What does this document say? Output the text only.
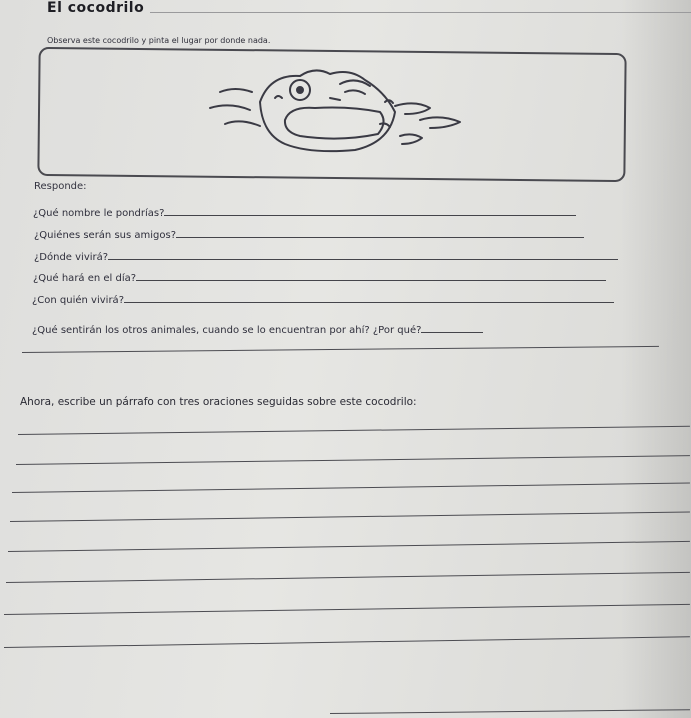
El cocodrilo
Observa este cocodrilo y pinta el lugar por donde nada.
Responde:
¿Qué nombre le pondrías?
¿Quiénes serán sus amigos?
¿Dónde vivirá?
¿Qué hará en el día?
¿Con quién vivirá?
¿Qué sentirán los otros animales, cuando se lo encuentran por ahí? ¿Por qué?
Ahora, escribe un párrafo con tres oraciones seguidas sobre este cocodrilo:
